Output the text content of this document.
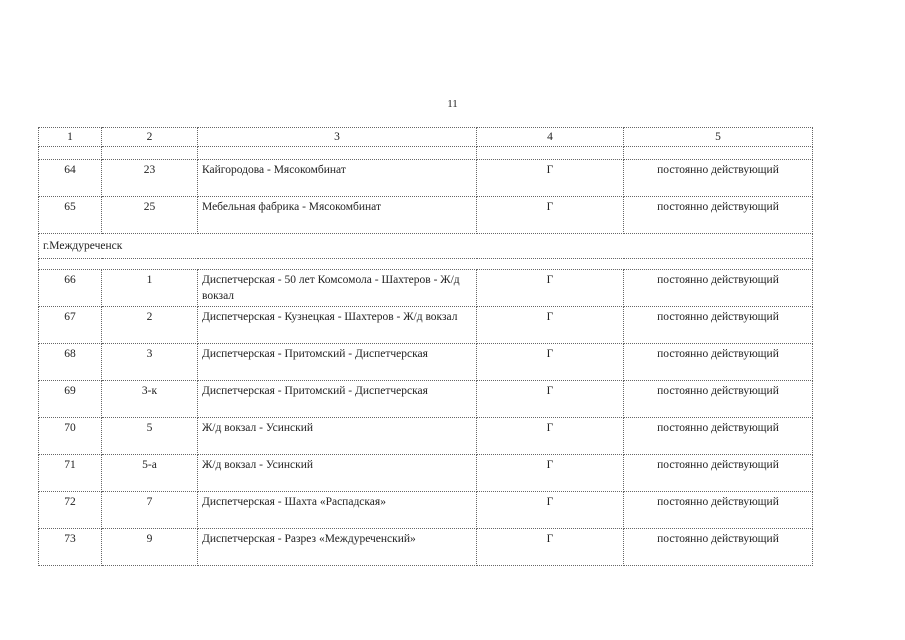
11
1	2	3	4	5

64	23	Кайгородова - Мясокомбинат	Г	постоянно действующий
65	25	Мебельная фабрика - Мясокомбинат	Г	постоянно действующий
г.Междуреченск				

66	1	Диспетчерская - 50 лет Комсомола - Шахтеров - Ж/д вокзал	Г	постоянно действующий
67	2	Диспетчерская - Кузнецкая - Шахтеров - Ж/д вокзал	Г	постоянно действующий
68	3	Диспетчерская - Притомский - Диспетчерская	Г	постоянно действующий
69	3-к	Диспетчерская - Притомский - Диспетчерская	Г	постоянно действующий
70	5	Ж/д вокзал - Усинский	Г	постоянно действующий
71	5-а	Ж/д вокзал - Усинский	Г	постоянно действующий
72	7	Диспетчерская - Шахта «Распадская»	Г	постоянно действующий
73	9	Диспетчерская - Разрез «Междуреченский»	Г	постоянно действующий
